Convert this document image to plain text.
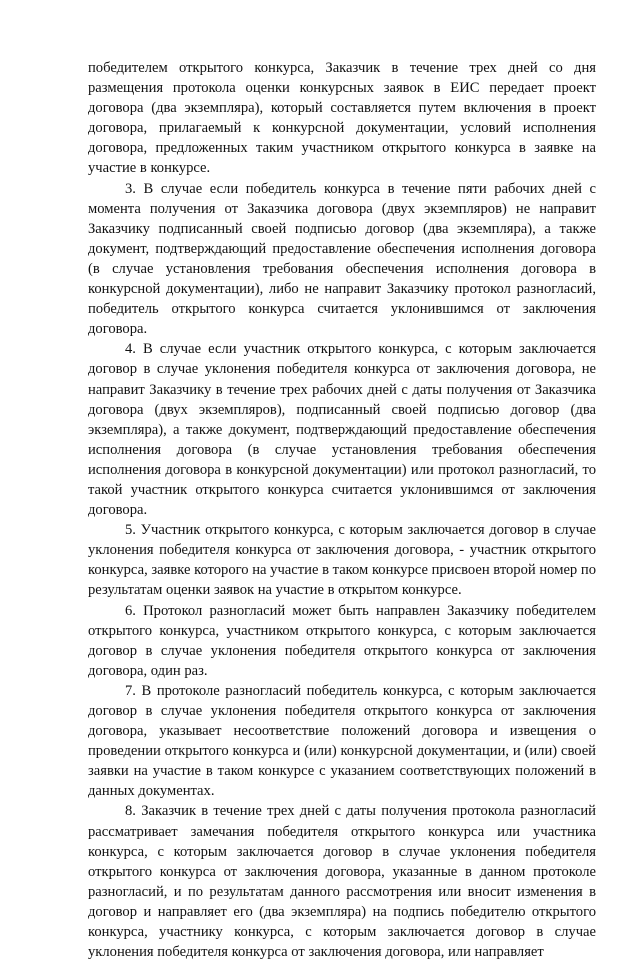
победителем открытого конкурса, Заказчик в течение трех дней со дня размещения протокола оценки конкурсных заявок в ЕИС передает проект договора (два экземпляра), который составляется путем включения в проект договора, прилагаемый к конкурсной документации, условий исполнения договора, предложенных таким участником открытого конкурса в заявке на участие в конкурсе.

3. В случае если победитель конкурса в течение пяти рабочих дней с момента получения от Заказчика договора (двух экземпляров) не направит Заказчику подписанный своей подписью договор (два экземпляра), а также документ, подтверждающий предоставление обеспечения исполнения договора (в случае установления требования обеспечения исполнения договора в конкурсной документации), либо не направит Заказчику протокол разногласий, победитель открытого конкурса считается уклонившимся от заключения договора.

4. В случае если участник открытого конкурса, с которым заключается договор в случае уклонения победителя конкурса от заключения договора, не направит Заказчику в течение трех рабочих дней с даты получения от Заказчика договора (двух экземпляров), подписанный своей подписью договор (два экземпляра), а также документ, подтверждающий предоставление обеспечения исполнения договора (в случае установления требования обеспечения исполнения договора в конкурсной документации) или протокол разногласий, то такой участник открытого конкурса считается уклонившимся от заключения договора.

5. Участник открытого конкурса, с которым заключается договор в случае уклонения победителя конкурса от заключения договора, - участник открытого конкурса, заявке которого на участие в таком конкурсе присвоен второй номер по результатам оценки заявок на участие в открытом конкурсе.

6. Протокол разногласий может быть направлен Заказчику победителем открытого конкурса, участником открытого конкурса, с которым заключается договор в случае уклонения победителя открытого конкурса от заключения договора, один раз.

7. В протоколе разногласий победитель конкурса, с которым заключается договор в случае уклонения победителя открытого конкурса от заключения договора, указывает несоответствие положений договора и извещения о проведении открытого конкурса и (или) конкурсной документации, и (или) своей заявки на участие в таком конкурсе с указанием соответствующих положений в данных документах.

8. Заказчик в течение трех дней с даты получения протокола разногласий рассматривает замечания победителя открытого конкурса или участника конкурса, с которым заключается договор в случае уклонения победителя открытого конкурса от заключения договора, указанные в данном протоколе разногласий, и по результатам данного рассмотрения или вносит изменения в договор и направляет его (два экземпляра) на подпись победителю открытого конкурса, участнику конкурса, с которым заключается договор в случае уклонения победителя конкурса от заключения договора, или направляет
